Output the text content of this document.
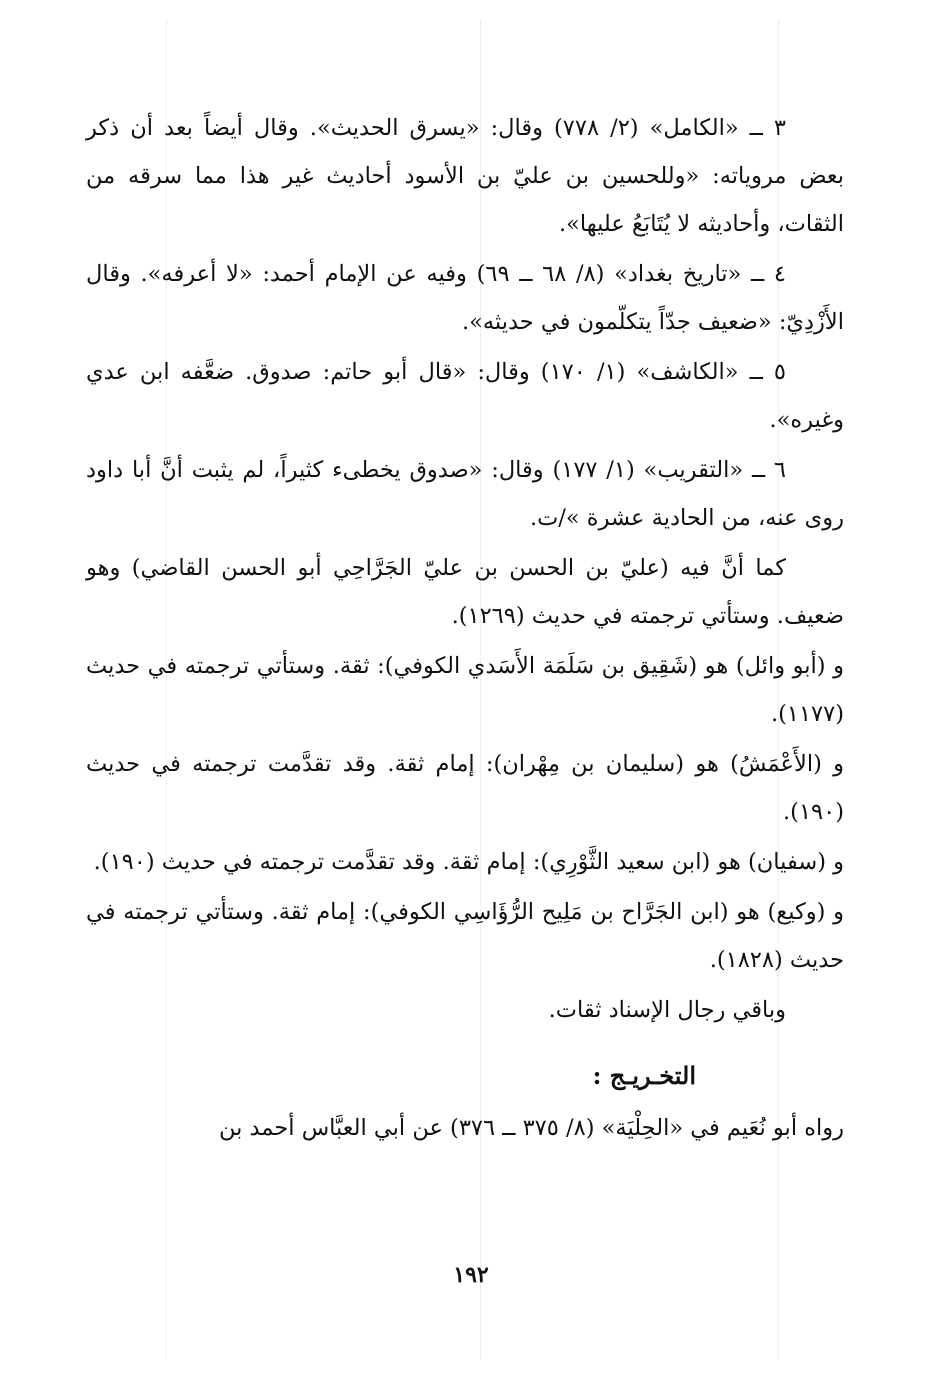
٣ ــ «الكامل» (٢/ ٧٧٨) وقال: «يسرق الحديث». وقال أيضاً بعد أن ذكر بعض مروياته: «وللحسين بن عليّ بن الأسود أحاديث غير هذا مما سرقه من الثقات، وأحاديثه لا يُتَابَعُ عليها».

٤ ــ «تاريخ بغداد» (٨/ ٦٨ ــ ٦٩) وفيه عن الإمام أحمد: «لا أعرفه». وقال الأَزْدِيّ: «ضعيف جدّاً يتكلّمون في حديثه».

٥ ــ «الكاشف» (١/ ١٧٠) وقال: «قال أبو حاتم: صدوق. ضعَّفه ابن عدي وغيره».

٦ ــ «التقريب» (١/ ١٧٧) وقال: «صدوق يخطىء كثيراً، لم يثبت أنَّ أبا داود روى عنه، من الحادية عشرة »/ت.

كما أنَّ فيه (عليّ بن الحسن بن عليّ الجَرَّاحِي أبو الحسن القاضي) وهو ضعيف. وستأتي ترجمته في حديث (١٢٦٩).

و (أبو وائل) هو (شَقِيق بن سَلَمَة الأَسَدي الكوفي): ثقة. وستأتي ترجمته في حديث (١١٧٧).

و (الأَعْمَشُ) هو (سليمان بن مِهْران): إمام ثقة. وقد تقدَّمت ترجمته في حديث (١٩٠).

و (سفيان) هو (ابن سعيد الثَّوْرِي): إمام ثقة. وقد تقدَّمت ترجمته في حديث (١٩٠).

و (وكيع) هو (ابن الجَرَّاح بن مَلِيح الرُّؤَاسِي الكوفي): إمام ثقة. وستأتي ترجمته في حديث (١٨٢٨).

وباقي رجال الإسناد ثقات.

التخـريـج :

رواه أبو نُعَيم في «الحِلْيَة» (٨/ ٣٧٥ ــ ٣٧٦) عن أبي العبَّاس أحمد بن

١٩٢
